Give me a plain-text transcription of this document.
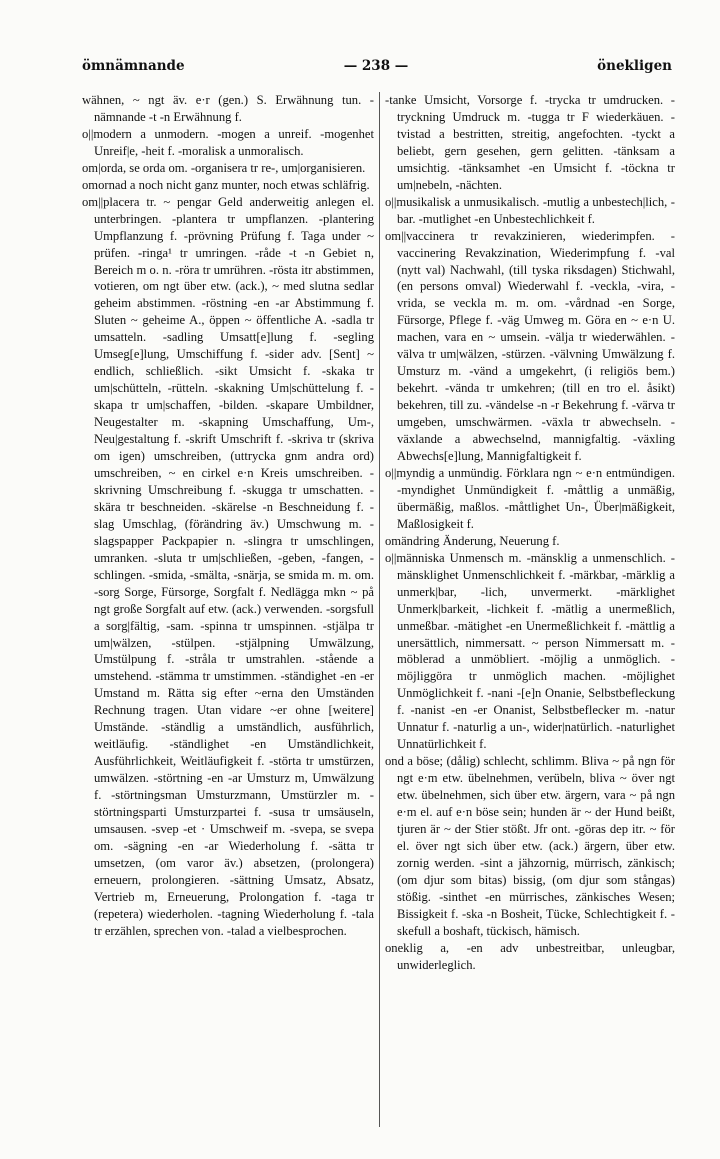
ömnämnande	— 238 —	önekligen

wähnen, ~ ngt äv. e·r (gen.) S. Erwähnung tun. -nämnande -t -n Erwähnung f.

o||modern a unmodern. -mogen a unreif. -mogenhet Unreif|e, -heit f. -moralisk a unmoralisch.

om|orda, se orda om. -organisera tr re-, um|organisieren.

omornad a noch nicht ganz munter, noch etwas schläfrig.

om||placera tr. ~ pengar Geld anderweitig anlegen el. unterbringen. -plantera tr umpflanzen. -plantering Umpflanzung f. -prövning Prüfung f. Taga under ~ prüfen. -ringa¹ tr umringen. -råde -t -n Gebiet n, Bereich m o. n. -röra tr umrühren. -rösta itr abstimmen, votieren, om ngt über etw. (ack.), ~ med slutna sedlar geheim abstimmen. -röstning -en -ar Abstimmung f. Sluten ~ geheime A., öppen ~ öffentliche A. -sadla tr umsatteln. -sadling Umsatt[e]lung f. -segling Umseg[e]lung, Umschiffung f. -sider adv. [Sent] ~ endlich, schließlich. -sikt Umsicht f. -skaka tr um|schütteln, -rütteln. -skakning Um|schüttelung f. -skapa tr um|schaffen, -bilden. -skapare Umbildner, Neugestalter m. -skapning Umschaffung, Um-, Neu|gestaltung f. -skrift Umschrift f. -skriva tr (skriva om igen) umschreiben, (uttrycka gnm andra ord) umschreiben, ~ en cirkel e·n Kreis umschreiben. -skrivning Umschreibung f. -skugga tr umschatten. -skära tr beschneiden. -skärelse -n Beschneidung f. -slag Umschlag, (förändring äv.) Umschwung m. -slagspapper Packpapier n. -slingra tr umschlingen, umranken. -sluta tr um|schließen, -geben, -fangen, -schlingen. -smida, -smälta, -snärja, se smida m. m. om. -sorg Sorge, Fürsorge, Sorgfalt f. Nedlägga mkn ~ på ngt große Sorgfalt auf etw. (ack.) verwenden. -sorgsfull a sorg|fältig, -sam. -spinna tr umspinnen. -stjälpa tr um|wälzen, -stülpen. -stjälpning Umwälzung, Umstülpung f. -stråla tr umstrahlen. -stående a umstehend. -stämma tr umstimmen. -ständighet -en -er Umstand m. Rätta sig efter ~erna den Umständen Rechnung tragen. Utan vidare ~er ohne [weitere] Umstände. -ständlig a umständlich, ausführlich, weitläufig. -ständlighet -en Umständlichkeit, Ausführlichkeit, Weitläufigkeit f. -störta tr umstürzen, umwälzen. -störtning -en -ar Umsturz m, Umwälzung f. -störtningsman Umsturzmann, Umstürzler m. -störtningsparti Umsturzpartei f. -susa tr umsäuseln, umsausen. -svep -et · Umschweif m. -svepa, se svepa om. -sägning -en -ar Wiederholung f. -sätta tr umsetzen, (om varor äv.) absetzen, (prolongera) erneuern, prolongieren. -sättning Umsatz, Absatz, Vertrieb m, Erneuerung, Prolongation f. -taga tr (repetera) wiederholen. -tagning Wiederholung f. -tala tr erzählen, sprechen von. -talad a vielbesprochen.

-tanke Umsicht, Vorsorge f. -trycka tr umdrucken. -tryckning Umdruck m. -tugga tr F wiederkäuen. -tvistad a bestritten, streitig, angefochten. -tyckt a beliebt, gern gesehen, gern gelitten. -tänksam a umsichtig. -tänksamhet -en Umsicht f. -töckna tr um|nebeln, -nächten.

o||musikalisk a unmusikalisch. -mutlig a unbestech|lich, -bar. -mutlighet -en Unbestechlichkeit f.

om||vaccinera tr revakzinieren, wiederimpfen. -vaccinering Revakzination, Wiederimpfung f. -val (nytt val) Nachwahl, (till tyska riksdagen) Stichwahl, (en persons omval) Wiederwahl f. -veckla, -vira, -vrida, se veckla m. m. om. -vårdnad -en Sorge, Fürsorge, Pflege f. -väg Umweg m. Göra en ~ e·n U. machen, vara en ~ umsein. -välja tr wiederwählen. -välva tr um|wälzen, -stürzen. -välvning Umwälzung f. Umsturz m. -vänd a umgekehrt, (i religiös bem.) bekehrt. -vända tr umkehren; (till en tro el. åsikt) bekehren, till zu. -vändelse -n -r Bekehrung f. -värva tr umgeben, umschwärmen. -växla tr abwechseln. -växlande a abwechselnd, mannigfaltig. -växling Abwechs[e]lung, Mannigfaltigkeit f.

o||myndig a unmündig. Förklara ngn ~ e·n entmündigen. -myndighet Unmündigkeit f. -måttlig a unmäßig, übermäßig, maßlos. -måttlighet Un-, Über|mäßigkeit, Maßlosigkeit f.

omändring Änderung, Neuerung f.

o||människa Unmensch m. -mänsklig a unmenschlich. -mänsklighet Unmenschlichkeit f. -märkbar, -märklig a unmerk|bar, -lich, unvermerkt. -märklighet Unmerk|barkeit, -lichkeit f. -mätlig a unermeßlich, unmeßbar. -mätighet -en Unermeßlichkeit f. -mättlig a unersättlich, nimmersatt. ~ person Nimmersatt m. -möblerad a unmöbliert. -möjlig a unmöglich. -möjliggöra tr unmöglich machen. -möjlighet Unmöglichkeit f. -nani -[e]n Onanie, Selbstbefleckung f. -nanist -en -er Onanist, Selbstbeflecker m. -natur Unnatur f. -naturlig a un-, wider|natürlich. -naturlighet Unnatürlichkeit f.

ond a böse; (dålig) schlecht, schlimm. Bliva ~ på ngn för ngt e·m etw. übelnehmen, verübeln, bliva ~ över ngt etw. übelnehmen, sich über etw. ärgern, vara ~ på ngn e·m el. auf e·n böse sein; hunden är ~ der Hund beißt, tjuren är ~ der Stier stößt. Jfr ont. -göras dep itr. ~ för el. över ngt sich über etw. (ack.) ärgern, über etw. zornig werden. -sint a jähzornig, mürrisch, zänkisch; (om djur som bitas) bissig, (om djur som stångas) stößig. -sinthet -en mürrisches, zänkisches Wesen; Bissigkeit f. -ska -n Bosheit, Tücke, Schlechtigkeit f. -skefull a boshaft, tückisch, hämisch.

oneklig a, -en adv unbestreitbar, unleugbar, unwiderleglich.
